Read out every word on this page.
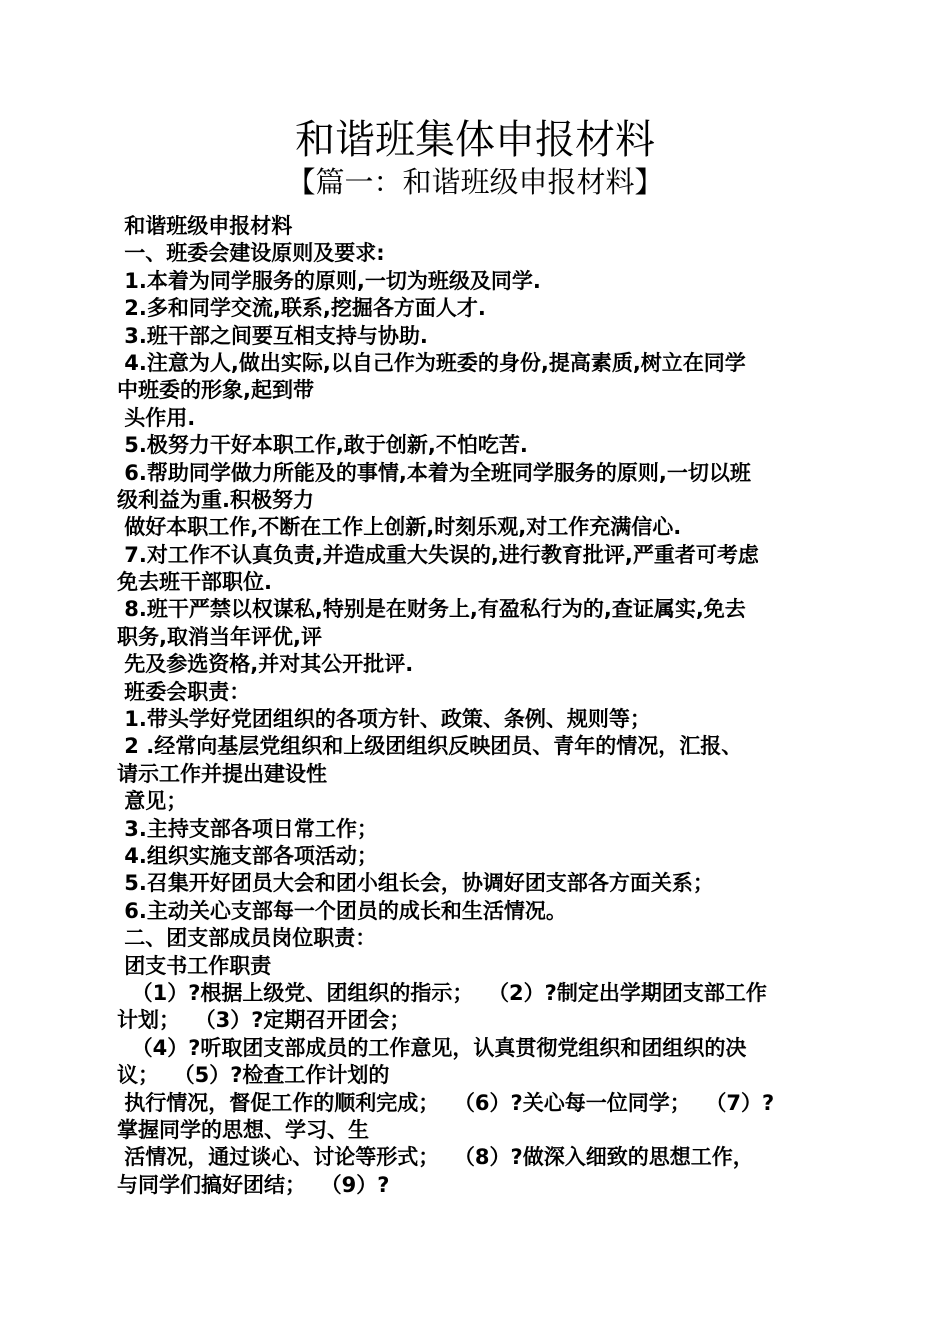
和谐班集体申报材料
【篇一：和谐班级申报材料】
和谐班级申报材料
一、班委会建设原则及要求:
1.本着为同学服务的原则,一切为班级及同学.
2.多和同学交流,联系,挖掘各方面人才.
3.班干部之间要互相支持与协助.
4.注意为人,做出实际,以自己作为班委的身份,提高素质,树立在同学
中班委的形象,起到带
头作用.
5.极努力干好本职工作,敢于创新,不怕吃苦.
6.帮助同学做力所能及的事情,本着为全班同学服务的原则,一切以班
级利益为重.积极努力
做好本职工作,不断在工作上创新,时刻乐观,对工作充满信心.
7.对工作不认真负责,并造成重大失误的,进行教育批评,严重者可考虑
免去班干部职位.
8.班干严禁以权谋私,特别是在财务上,有盈私行为的,查证属实,免去
职务,取消当年评优,评
先及参选资格,并对其公开批评.
班委会职责：
1.带头学好党团组织的各项方针、政策、条例、规则等；
2 .经常向基层党组织和上级团组织反映团员、青年的情况，汇报、
请示工作并提出建设性
意见；
3.主持支部各项日常工作；
4.组织实施支部各项活动；
5.召集开好团员大会和团小组长会，协调好团支部各方面关系；
6.主动关心支部每一个团员的成长和生活情况。
二、团支部成员岗位职责：
团支书工作职责
（1）?根据上级党、团组织的指示；  （2）?制定出学期团支部工作
计划；  （3）?定期召开团会；
（4）?听取团支部成员的工作意见，认真贯彻党组织和团组织的决
议；  （5）?检查工作计划的
执行情况，督促工作的顺利完成；  （6）?关心每一位同学；  （7）?
掌握同学的思想、学习、生
活情况，通过谈心、讨论等形式；  （8）?做深入细致的思想工作，
与同学们搞好团结；  （9）?
